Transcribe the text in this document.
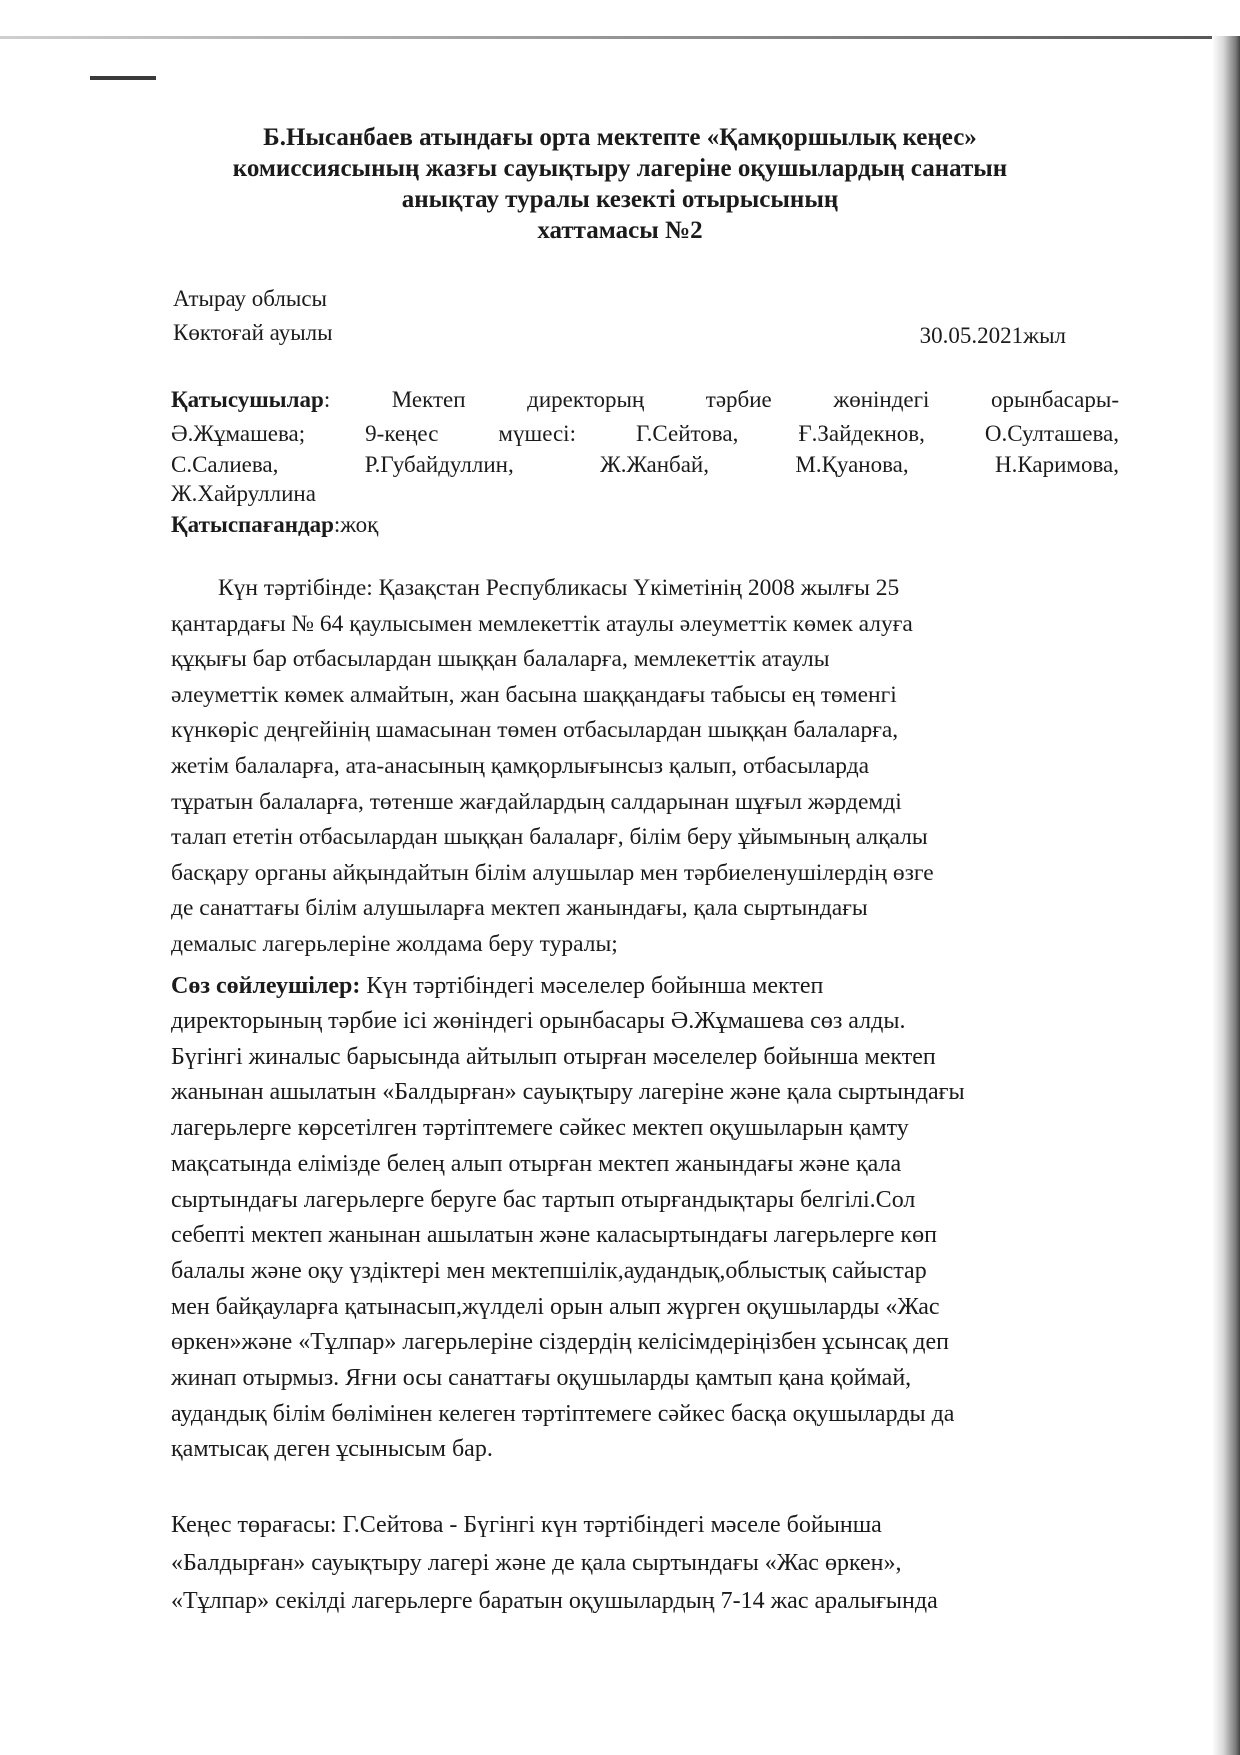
Б.Нысанбаев атындағы орта мектепте «Қамқоршылық кеңес»
комиссиясының жазғы сауықтыру лагеріне оқушылардың санатын
анықтау туралы кезекті отырысының
хаттамасы №2
Атырау облысы
Көктоғай ауылы	30.05.2021жыл
Қатысушылар: Мектеп директорың тәрбие жөніндегі орынбасары-
Ә.Жұмашева; 9-кеңес мүшесі: Г.Сейтова, Ғ.Зайдекнов, О.Султашева,
С.Салиева, Р.Губайдуллин, Ж.Жанбай, М.Қуанова, Н.Каримова,
Ж.Хайруллина
Қатыспағандар:жоқ
Күн тәртібінде: Қазақстан Республикасы Үкіметінің 2008 жылғы 25
қантардағы № 64 қаулысымен мемлекеттік атаулы әлеуметтік көмек алуға
құқығы бар отбасылардан шыққан балаларға, мемлекеттік атаулы
әлеуметтік көмек алмайтын, жан басына шаққандағы табысы ең төменгі
күнкөріс деңгейінің шамасынан төмен отбасылардан шыққан балаларға,
жетім балаларға, ата-анасының қамқорлығынсыз қалып, отбасыларда
тұратын балаларға, төтенше жағдайлардың салдарынан шұғыл жәрдемді
талап ететін отбасылардан шыққан балаларғ, білім беру ұйымының алқалы
басқару органы айқындайтын білім алушылар мен тәрбиеленушілердің өзге
де санаттағы білім алушыларға мектеп жанындағы, қала сыртындағы
демалыс лагерьлеріне жолдама беру туралы;
Сөз сөйлеушілер: Күн тәртібіндегі мәселелер бойынша мектеп
директорының тәрбие ісі жөніндегі орынбасары Ә.Жұмашева сөз алды.
Бүгінгі жиналыс барысында айтылып отырған мәселелер бойынша мектеп
жанынан ашылатын «Балдырған» сауықтыру лагеріне және қала сыртындағы
лагерьлерге көрсетілген тәртіптемеге сәйкес мектеп оқушыларын қамту
мақсатында елімізде белең алып отырған мектеп жанындағы және қала
сыртындағы лагерьлерге беруге бас тартып отырғандықтары белгілі.Сол
себепті мектеп жанынан ашылатын және каласыртындағы лагерьлерге көп
балалы және оқу үздіктері мен мектепшілік,аудандық,облыстық сайыстар
мен байқауларға қатынасып,жүлделі орын алып жүрген оқушыларды «Жас
өркен»және «Тұлпар» лагерьлеріне сіздердің келісімдеріңізбен ұсынсақ деп
жинап отырмыз. Яғни осы санаттағы оқушыларды қамтып қана қоймай,
аудандық білім бөлімінен келеген тәртіптемеге сәйкес басқа оқушыларды да
қамтысақ деген ұсынысым бар.
Кеңес төрағасы: Г.Сейтова - Бүгінгі күн тәртібіндегі мәселе бойынша
«Балдырған» сауықтыру лагері және де қала сыртындағы «Жас өркен»,
«Тұлпар» секілді лагерьлерге баратын оқушылардың 7-14 жас аралығында
